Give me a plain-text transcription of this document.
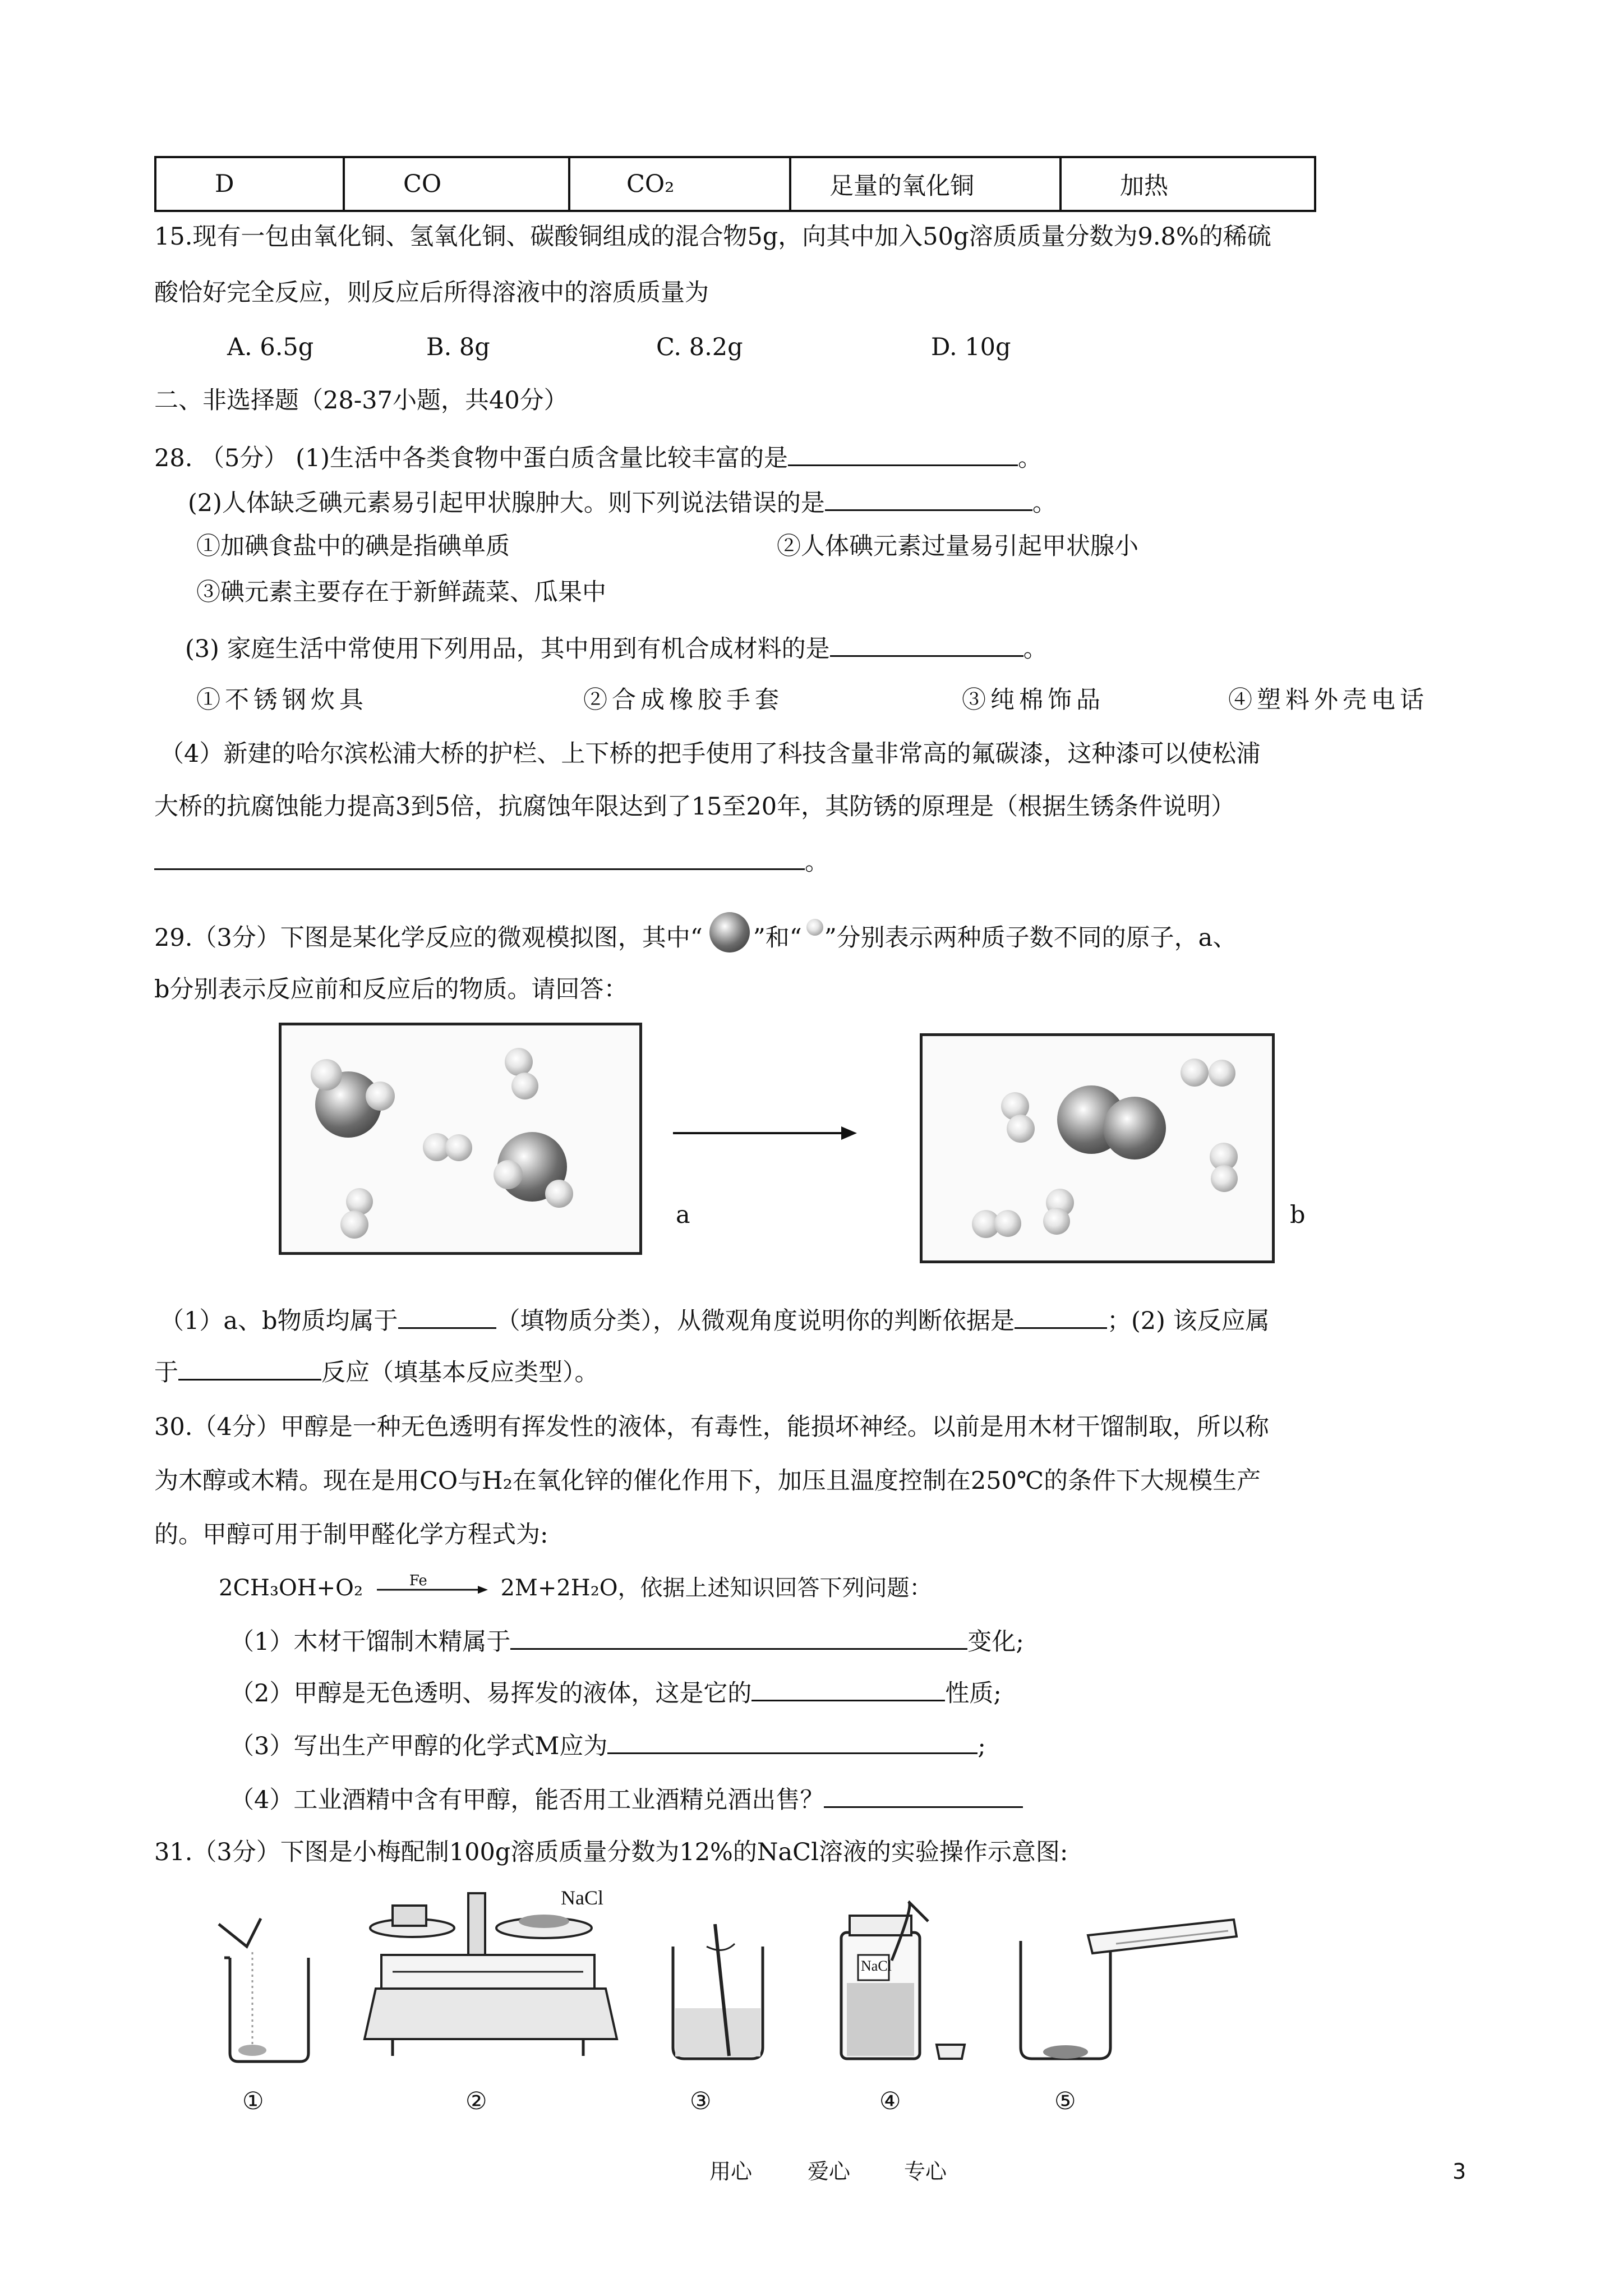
D	CO	CO₂	足量的氧化铜	加热
15.现有一包由氧化铜、氢氧化铜、碳酸铜组成的混合物5g，向其中加入50g溶质质量分数为9.8%的稀硫
酸恰好完全反应，则反应后所得溶液中的溶质质量为
A. 6.5g	B. 8g	C. 8.2g	D. 10g
二、非选择题（28-37小题，共40分）
28. （5分） (1)生活中各类食物中蛋白质含量比较丰富的是	。
(2)人体缺乏碘元素易引起甲状腺肿大。则下列说法错误的是	。
①加碘食盐中的碘是指碘单质	②人体碘元素过量易引起甲状腺小
③碘元素主要存在于新鲜蔬菜、瓜果中
(3) 家庭生活中常使用下列用品，其中用到有机合成材料的是	。
①不锈钢炊具	②合成橡胶手套	③纯棉饰品	④塑料外壳电话
（4）新建的哈尔滨松浦大桥的护栏、上下桥的把手使用了科技含量非常高的氟碳漆，这种漆可以使松浦
大桥的抗腐蚀能力提高3到5倍，抗腐蚀年限达到了15至20年，其防锈的原理是（根据生锈条件说明）
。
29.（3分）下图是某化学反应的微观模拟图，其中“ ”和“ ”分别表示两种质子数不同的原子，a、
b分别表示反应前和反应后的物质。请回答：
a	b
（1）a、b物质均属于	（填物质分类），从微观角度说明你的判断依据是	；(2) 该反应属
于	反应（填基本反应类型）。
30.（4分）甲醇是一种无色透明有挥发性的液体，有毒性，能损坏神经。以前是用木材干馏制取，所以称
为木醇或木精。现在是用CO与H₂在氧化锌的催化作用下，加压且温度控制在250℃的条件下大规模生产
的。甲醇可用于制甲醛化学方程式为:
2CH₃OH+O₂	Fe	2M+2H₂O，依据上述知识回答下列问题：
（1）木材干馏制木精属于	变化;
（2）甲醇是无色透明、易挥发的液体，这是它的	性质;
（3）写出生产甲醇的化学式M应为	;
（4）工业酒精中含有甲醇，能否用工业酒精兑酒出售？
31.（3分）下图是小梅配制100g溶质质量分数为12%的NaCl溶液的实验操作示意图:
NaCl
NaCl
①	②	③	④	⑤
用心	爱心	专心	3
